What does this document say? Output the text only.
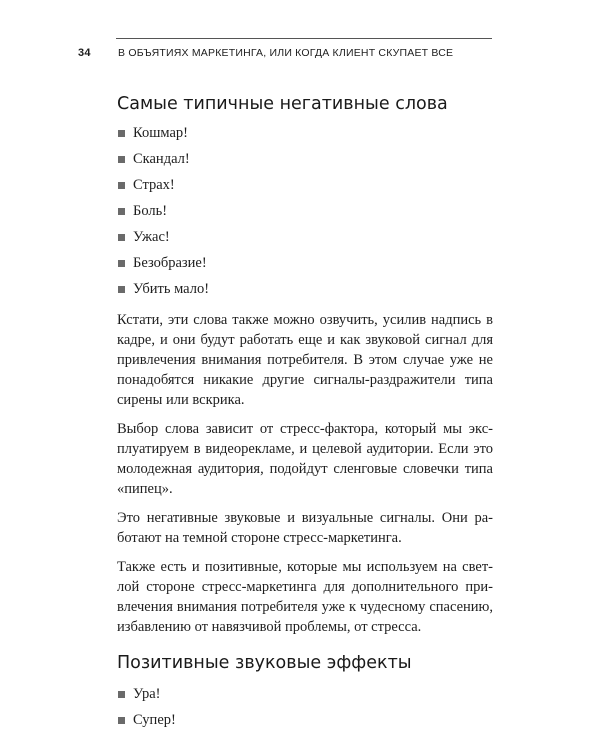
34	В ОБЪЯТИЯХ МАРКЕТИНГА, ИЛИ КОГДА КЛИЕНТ СКУПАЕТ ВСЕ
Самые типичные негативные слова
Кошмар!
Скандал!
Страх!
Боль!
Ужас!
Безобразие!
Убить мало!

Кстати, эти слова также можно озвучить, усилив надпись в кадре, и они будут работать еще и как звуковой сигнал для привлечения внимания потребителя. В этом случае уже не понадобятся никакие другие сигналы-раздражители типа сирены или вскрика.

Выбор слова зависит от стресс-фактора, который мы эксплуатируем в видеорекламе, и целевой аудитории. Если это молодежная аудитория, подойдут сленговые словечки типа «пипец».

Это негативные звуковые и визуальные сигналы. Они работают на темной стороне стресс-маркетинга.

Также есть и позитивные, которые мы используем на светлой стороне стресс-маркетинга для дополнительного привлечения внимания потребителя уже к чудесному спасению, избавлению от навязчивой проблемы, от стресса.

Позитивные звуковые эффекты
Ура!
Супер!
